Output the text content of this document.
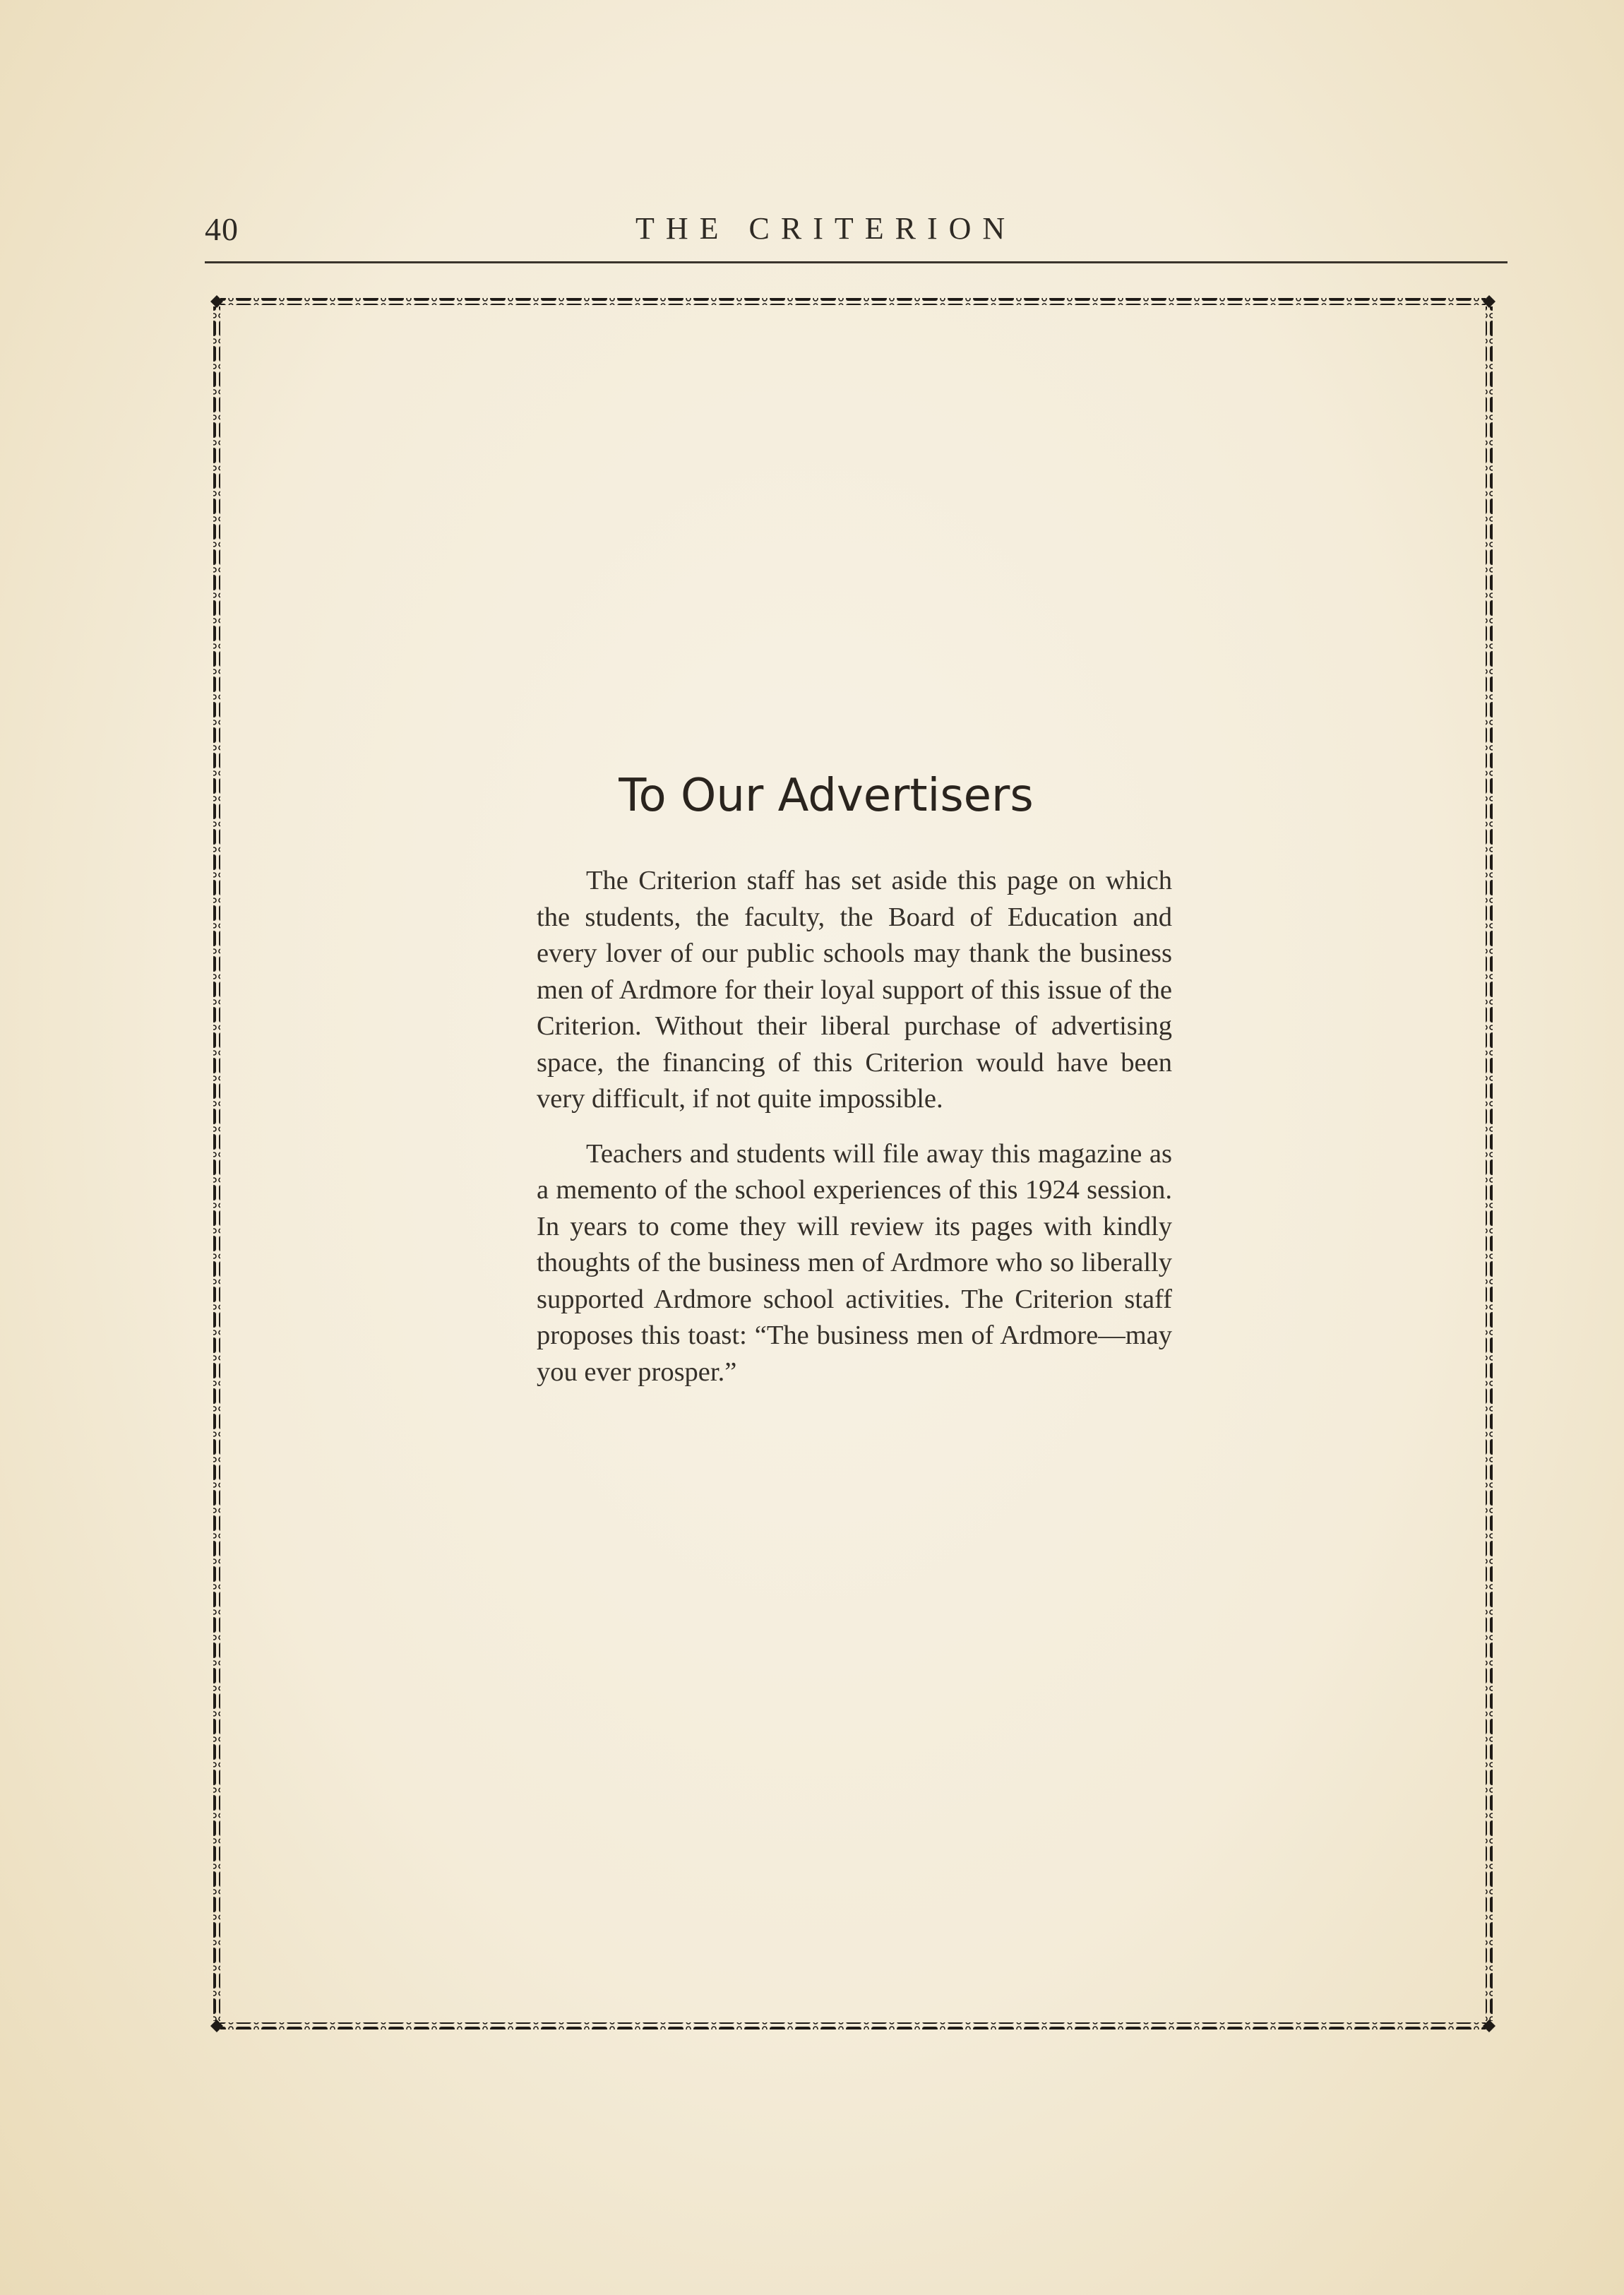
40	THE CRITERION
To Our Advertisers

The Criterion staff has set aside this page on which the students, the faculty, the Board of Education and every lover of our public schools may thank the business men of Ardmore for their loyal support of this issue of the Criterion. Without their liberal purchase of advertising space, the financing of this Criterion would have been very difficult, if not quite impossible.

Teachers and students will file away this magazine as a memento of the school experiences of this 1924 session. In years to come they will review its pages with kindly thoughts of the business men of Ardmore who so liberally supported Ardmore school activities. The Criterion staff proposes this toast: “The business men of Ardmore—may you ever prosper.”
